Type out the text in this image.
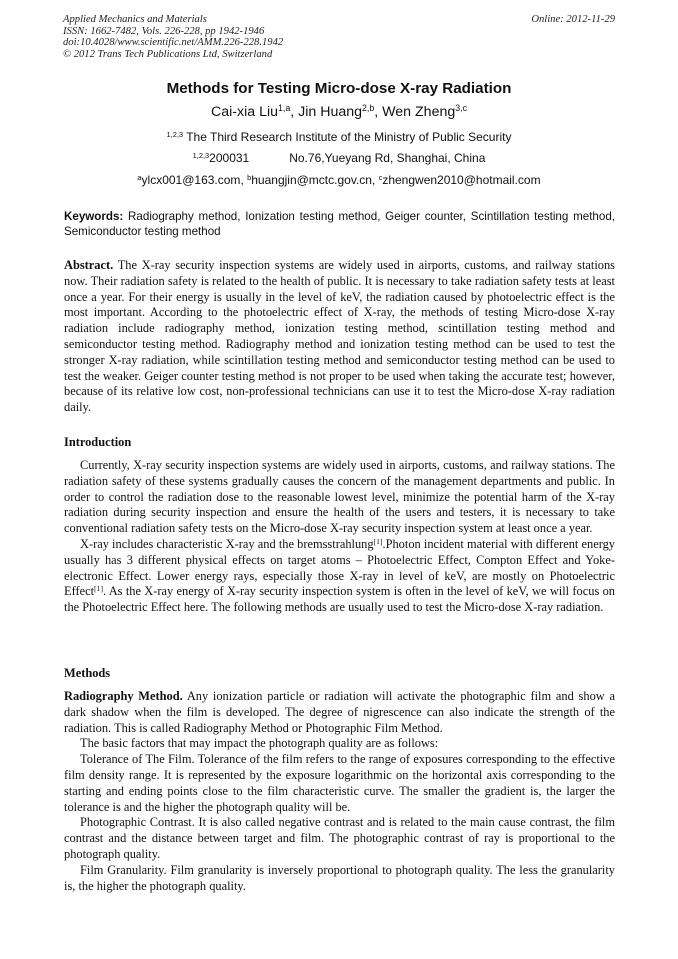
Applied Mechanics and Materials
ISSN: 1662-7482, Vols. 226-228, pp 1942-1946
doi:10.4028/www.scientific.net/AMM.226-228.1942
© 2012 Trans Tech Publications Ltd, Switzerland
Online: 2012-11-29
Methods for Testing Micro-dose X-ray Radiation
Cai-xia Liu$^{1,a}$, Jin Huang$^{2,b}$, Wen Zheng$^{3,c}$
$^{1,2,3}$ The Third Research Institute of the Ministry of Public Security
$^{1,2,3}$200031	No.76,Yueyang Rd, Shanghai, China
$^a$ylcx001@163.com, $^b$huangjin@mctc.gov.cn, $^c$zhengwen2010@hotmail.com
Keywords: Radiography method, Ionization testing method, Geiger counter, Scintillation testing method, Semiconductor testing method

Abstract. The X-ray security inspection systems are widely used in airports, customs, and railway stations now. Their radiation safety is related to the health of public. It is necessary to take radiation safety tests at least once a year. For their energy is usually in the level of keV, the radiation caused by photoelectric effect is the most important. According to the photoelectric effect of X-ray, the methods of testing Micro-dose X-ray radiation include radiography method, ionization testing method, scintillation testing method and semiconductor testing method. Radiography method and ionization testing method can be used to test the stronger X-ray radiation, while scintillation testing method and semiconductor testing method can be used to test the weaker. Geiger counter testing method is not proper to be used when taking the accurate test; however, because of its relative low cost, non-professional technicians can use it to test the Micro-dose X-ray radiation daily.

Introduction

Currently, X-ray security inspection systems are widely used in airports, customs, and railway stations. The radiation safety of these systems gradually causes the concern of the management departments and public. In order to control the radiation dose to the reasonable lowest level, minimize the potential harm of the X-ray radiation during security inspection and ensure the health of the users and testers, it is necessary to take conventional radiation safety tests on the Micro-dose X-ray security inspection system at least once a year.

X-ray includes characteristic X-ray and the bremsstrahlung[1].Photon incident material with different energy usually has 3 different physical effects on target atoms – Photoelectric Effect, Compton Effect and Yoke- electronic Effect. Lower energy rays, especially those X-ray in level of keV, are mostly on Photoelectric Effect[1]. As the X-ray energy of X-ray security inspection system is often in the level of keV, we will focus on the Photoelectric Effect here. The following methods are usually used to test the Micro-dose X-ray radiation.

Methods

Radiography Method. Any ionization particle or radiation will activate the photographic film and show a dark shadow when the film is developed. The degree of nigrescence can also indicate the strength of the radiation. This is called Radiography Method or Photographic Film Method.

The basic factors that may impact the photograph quality are as follows:

Tolerance of The Film. Tolerance of the film refers to the range of exposures corresponding to the effective film density range. It is represented by the exposure logarithmic on the horizontal axis corresponding to the starting and ending points close to the film characteristic curve. The smaller the gradient is, the larger the tolerance is and the higher the photograph quality will be.

Photographic Contrast. It is also called negative contrast and is related to the main cause contrast, the film contrast and the distance between target and film. The photographic contrast of ray is proportional to the photograph quality.

Film Granularity. Film granularity is inversely proportional to photograph quality. The less the granularity is, the higher the photograph quality.
